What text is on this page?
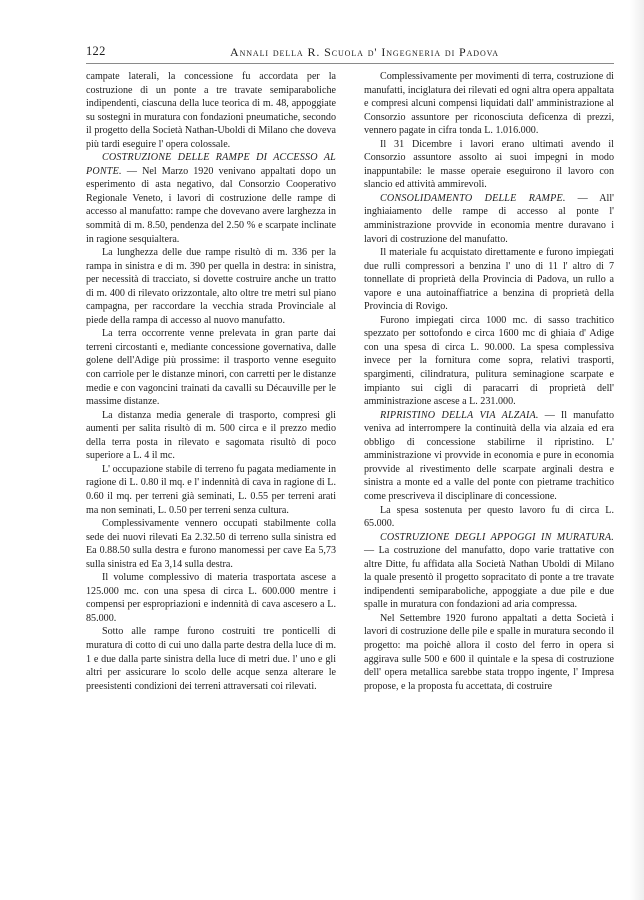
122	Annali della R. Scuola d' Ingegneria di Padova

campate laterali, la concessione fu accordata per la costruzione di un ponte a tre travate semiparaboliche indipendenti, ciascuna della luce teorica di m. 48, appoggiate su sostegni in muratura con fondazioni pneumatiche, secondo il progetto della Società Nathan-Uboldi di Milano che doveva più tardi eseguire l' opera colossale.

COSTRUZIONE DELLE RAMPE DI ACCESSO AL PONTE. — Nel Marzo 1920 venivano appaltati dopo un esperimento di asta negativo, dal Consorzio Cooperativo Regionale Veneto, i lavori di costruzione delle rampe di accesso al manufatto: rampe che dovevano avere larghezza in sommità di m. 8.50, pendenza del 2.50 % e scarpate inclinate in ragione sesquialtera.

La lunghezza delle due rampe risultò di m. 336 per la rampa in sinistra e di m. 390 per quella in destra: in sinistra, per necessità di tracciato, si dovette costruire anche un tratto di m. 400 di rilevato orizzontale, alto oltre tre metri sul piano campagna, per raccordare la vecchia strada Provinciale al piede della rampa di accesso al nuovo manufatto.

La terra occorrente venne prelevata in gran parte dai terreni circostanti e, mediante concessione governativa, dalle golene dell'Adige più prossime: il trasporto venne eseguito con carriole per le distanze minori, con carretti per le distanze medie e con vagoncini trainati da cavalli su Décauville per le massime distanze.

La distanza media generale di trasporto, compresi gli aumenti per salita risultò di m. 500 circa e il prezzo medio della terra posta in rilevato e sagomata risultò di poco superiore a L. 4 il mc.

L' occupazione stabile di terreno fu pagata mediamente in ragione di L. 0.80 il mq. e l' indennità di cava in ragione di L. 0.60 il mq. per terreni già seminati, L. 0.55 per terreni arati ma non seminati, L. 0.50 per terreni senza cultura.

Complessivamente vennero occupati stabilmente colla sede dei nuovi rilevati Ea 2.32.50 di terreno sulla sinistra ed Ea 0.88.50 sulla destra e furono manomessi per cave Ea 5,73 sulla sinistra ed Ea 3,14 sulla destra.

Il volume complessivo di materia trasportata ascese a 125.000 mc. con una spesa di circa L. 600.000 mentre i compensi per espropriazioni e indennità di cava ascesero a L. 85.000.

Sotto alle rampe furono costruiti tre ponticelli di muratura di cotto di cui uno dalla parte destra della luce di m. 1 e due dalla parte sinistra della luce di metri due. l' uno e gli altri per assicurare lo scolo delle acque senza alterare le preesistenti condizioni dei terreni attraversati coi rilevati.

Complessivamente per movimenti di terra, costruzione di manufatti, inciglatura dei rilevati ed ogni altra opera appaltata e compresi alcuni compensi liquidati dall' amministrazione al Consorzio assuntore per riconosciuta deficenza di prezzi, vennero pagate in cifra tonda L. 1.016.000.

Il 31 Dicembre i lavori erano ultimati avendo il Consorzio assuntore assolto ai suoi impegni in modo inappuntabile: le masse operaie eseguirono il lavoro con slancio ed attività ammirevoli.

CONSOLIDAMENTO DELLE RAMPE. — All' inghiaiamento delle rampe di accesso al ponte l' amministrazione provvide in economia mentre duravano i lavori di costruzione del manufatto.

Il materiale fu acquistato direttamente e furono impiegati due rulli compressori a benzina l' uno di 11 l' altro di 7 tonnellate di proprietà della Provincia di Padova, un rullo a vapore e una autoinaffiatrice a benzina di proprietà della Provincia di Rovigo.

Furono impiegati circa 1000 mc. di sasso trachitico spezzato per sottofondo e circa 1600 mc di ghiaia d' Adige con una spesa di circa L. 90.000. La spesa complessiva invece per la fornitura come sopra, relativi trasporti, spargimenti, cilindratura, pulitura seminagione scarpate e impianto sui cigli di paracarri di proprietà dell' amministrazione ascese a L. 231.000.

RIPRISTINO DELLA VIA ALZAIA. — Il manufatto veniva ad interrompere la continuità della via alzaia ed era obbligo di concessione stabilirne il ripristino. L' amministrazione vi provvide in economia e pure in economia provvide al rivestimento delle scarpate arginali destra e sinistra a monte ed a valle del ponte con pietrame trachitico come prescriveva il disciplinare di concessione.

La spesa sostenuta per questo lavoro fu di circa L. 65.000.

COSTRUZIONE DEGLI APPOGGI IN MURATURA. — La costruzione del manufatto, dopo varie trattative con altre Ditte, fu affidata alla Società Nathan Uboldi di Milano la quale presentò il progetto sopracitato di ponte a tre travate indipendenti semiparaboliche, appoggiate a due pile e due spalle in muratura con fondazioni ad aria compressa.

Nel Settembre 1920 furono appaltati a detta Società i lavori di costruzione delle pile e spalle in muratura secondo il progetto: ma poichè allora il costo del ferro in opera si aggirava sulle 500 e 600 il quintale e la spesa di costruzione dell' opera metallica sarebbe stata troppo ingente, l' Impresa propose, e la proposta fu accettata, di costruire
